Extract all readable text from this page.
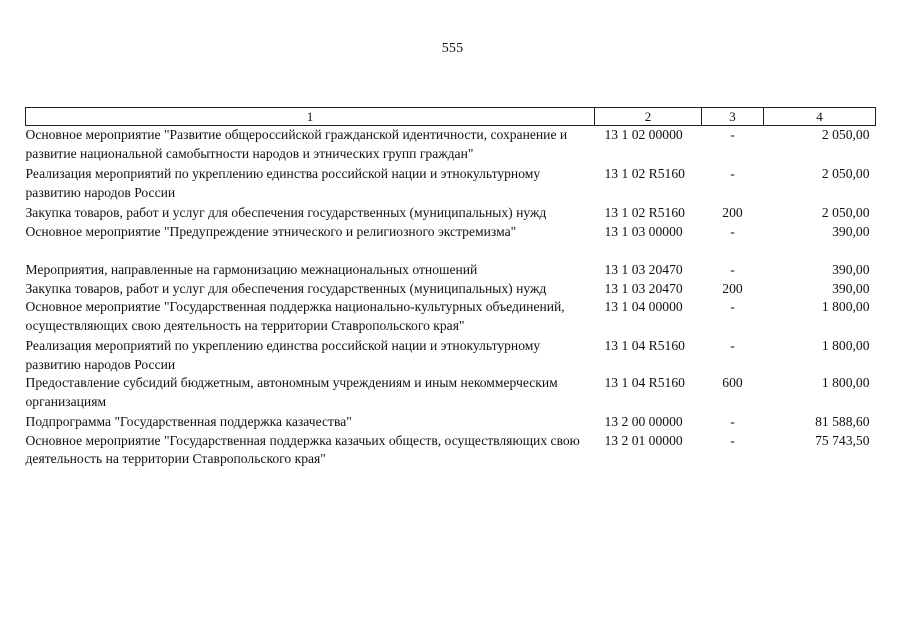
555
1	2	3	4
Основное мероприятие "Развитие общероссийской гражданской идентичности, сохранение и развитие национальной самобытности народов и этнических групп граждан"	13 1 02 00000	-	2 050,00
Реализация мероприятий по укреплению единства российской нации и этнокультурному развитию народов России	13 1 02 R5160	-	2 050,00
Закупка товаров, работ и услуг для обеспечения государственных (муниципальных) нужд	13 1 02 R5160	200	2 050,00
Основное мероприятие "Предупреждение этнического и религиозного экстремизма"	13 1 03 00000	-	390,00
Мероприятия, направленные на гармонизацию межнациональных отношений	13 1 03 20470	-	390,00
Закупка товаров, работ и услуг для обеспечения государственных (муниципальных) нужд	13 1 03 20470	200	390,00
Основное мероприятие "Государственная поддержка национально-культурных объединений, осуществляющих свою деятельность на территории Ставропольского края"	13 1 04 00000	-	1 800,00
Реализация мероприятий по укреплению единства российской нации и этнокультурному развитию народов России	13 1 04 R5160	-	1 800,00
Предоставление субсидий бюджетным, автономным учреждениям и иным некоммерческим организациям	13 1 04 R5160	600	1 800,00
Подпрограмма "Государственная поддержка казачества"	13 2 00 00000	-	81 588,60
Основное мероприятие "Государственная поддержка казачьих обществ, осуществляющих свою деятельность на территории Ставропольского края"	13 2 01 00000	-	75 743,50
